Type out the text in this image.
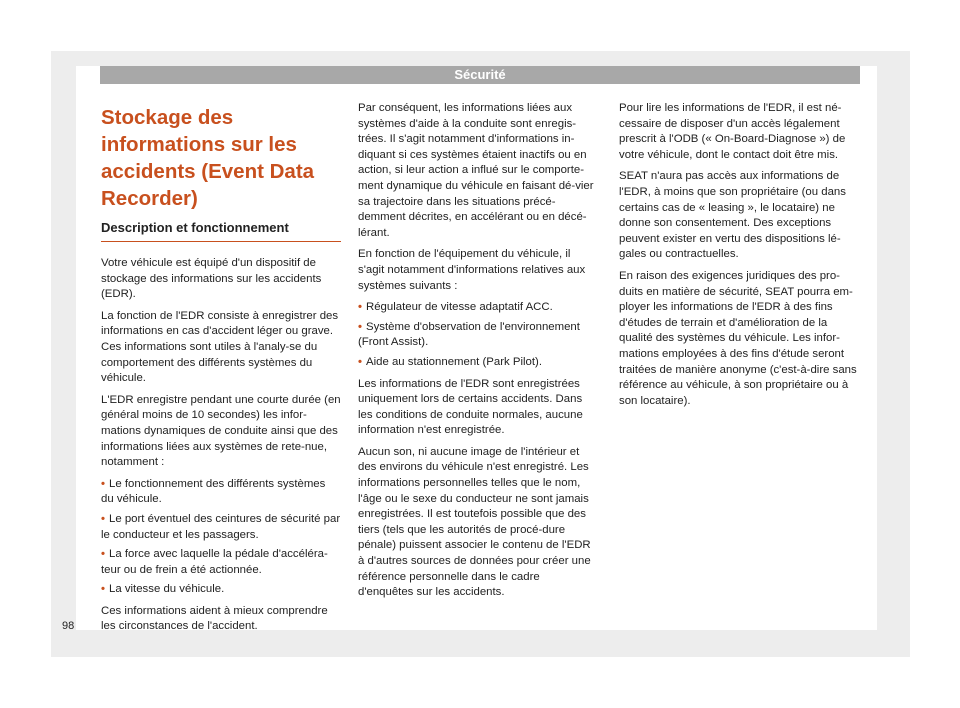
Sécurité
Stockage des informations sur les accidents (Event Data Recorder)
Description et fonctionnement

Votre véhicule est équipé d'un dispositif de stockage des informations sur les accidents (EDR).

La fonction de l'EDR consiste à enregistrer des informations en cas d'accident léger ou grave. Ces informations sont utiles à l'analy-se du comportement des différents systèmes du véhicule.

L'EDR enregistre pendant une courte durée (en général moins de 10 secondes) les infor-mations dynamiques de conduite ainsi que des informations liées aux systèmes de rete-nue, notamment :

• Le fonctionnement des différents systèmes du véhicule.
• Le port éventuel des ceintures de sécurité par le conducteur et les passagers.
• La force avec laquelle la pédale d'accéléra-teur ou de frein a été actionnée.
• La vitesse du véhicule.

Ces informations aident à mieux comprendre les circonstances de l'accident.

Par conséquent, les informations liées aux systèmes d'aide à la conduite sont enregis-trées. Il s'agit notamment d'informations in-diquant si ces systèmes étaient inactifs ou en action, si leur action a influé sur le comporte-ment dynamique du véhicule en faisant dé-vier sa trajectoire dans les situations précé-demment décrites, en accélérant ou en décé-lérant.

En fonction de l'équipement du véhicule, il s'agit notamment d'informations relatives aux systèmes suivants :

• Régulateur de vitesse adaptatif ACC.
• Système d'observation de l'environnement (Front Assist).
• Aide au stationnement (Park Pilot).

Les informations de l'EDR sont enregistrées uniquement lors de certains accidents. Dans les conditions de conduite normales, aucune information n'est enregistrée.

Aucun son, ni aucune image de l'intérieur et des environs du véhicule n'est enregistré. Les informations personnelles telles que le nom, l'âge ou le sexe du conducteur ne sont jamais enregistrées. Il est toutefois possible que des tiers (tels que les autorités de procé-dure pénale) puissent associer le contenu de l'EDR à d'autres sources de données pour créer une référence personnelle dans le cadre d'enquêtes sur les accidents.

Pour lire les informations de l'EDR, il est né-cessaire de disposer d'un accès légalement prescrit à l'ODB (« On-Board-Diagnose ») de votre véhicule, dont le contact doit être mis.

SEAT n'aura pas accès aux informations de l'EDR, à moins que son propriétaire (ou dans certains cas de « leasing », le locataire) ne donne son consentement. Des exceptions peuvent exister en vertu des dispositions lé-gales ou contractuelles.

En raison des exigences juridiques des pro-duits en matière de sécurité, SEAT pourra em-ployer les informations de l'EDR à des fins d'études de terrain et d'amélioration de la qualité des systèmes du véhicule. Les infor-mations employées à des fins d'étude seront traitées de manière anonyme (c'est-à-dire sans référence au véhicule, à son propriétaire ou à son locataire).

98
